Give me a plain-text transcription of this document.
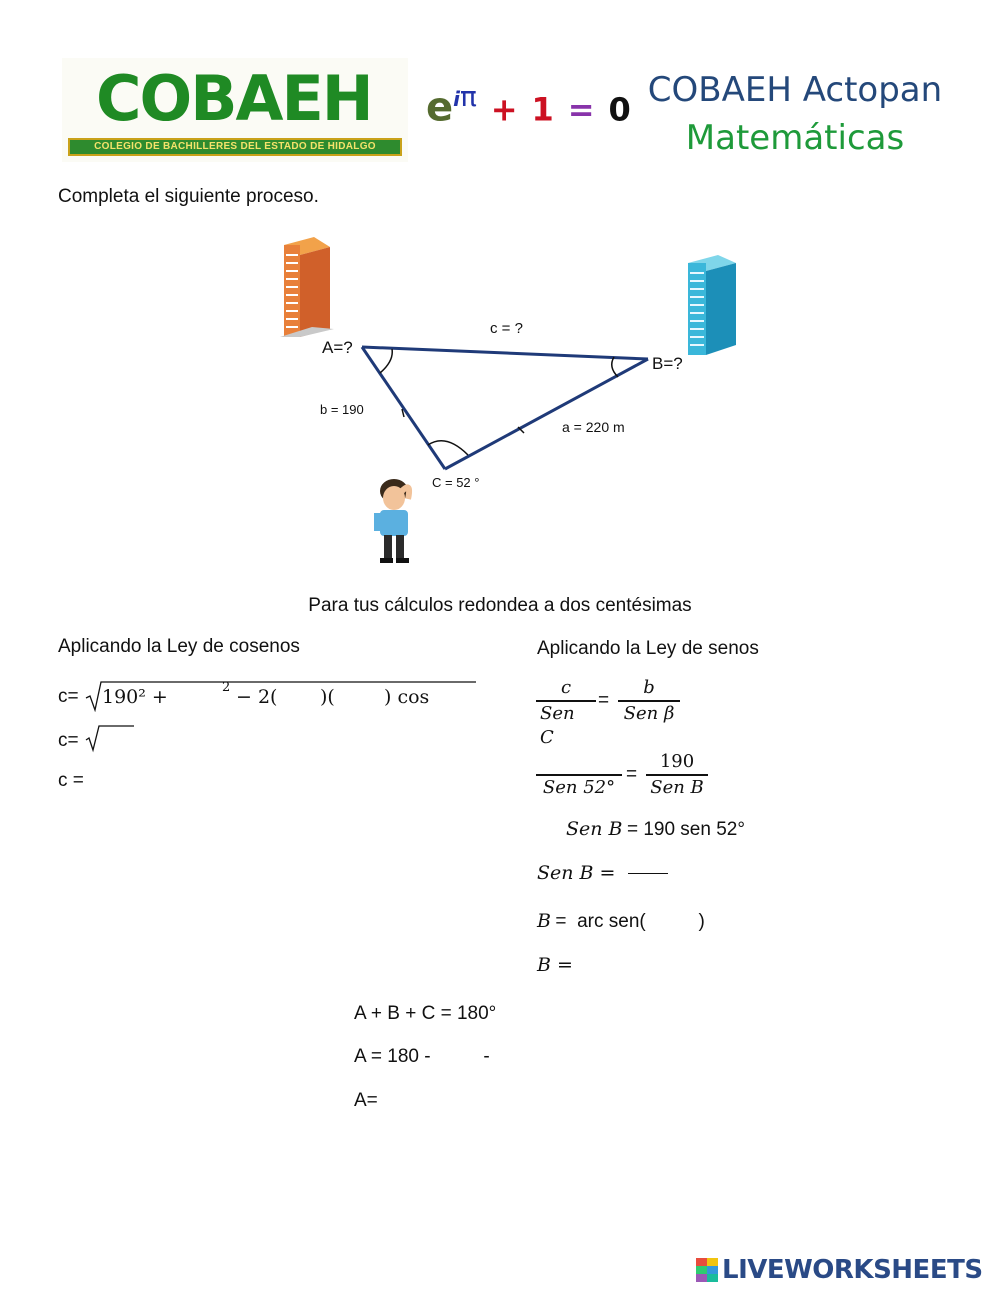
COBAEH
COLEGIO DE BACHILLERES DEL ESTADO DE HIDALGO
$e^{i\pi} + 1 = 0$ COBAEH Actopan
Matemáticas
Completa el siguiente proceso.
c = ?
A=?
B=?
b = 190
a = 220 m
C = 52 °
Para tus cálculos redondea a dos centésimas
Aplicando la Ley de cosenos
c= 190² +	2 − 2( )(	) cos
c=
c =
Aplicando la Ley de senos
c
Sen C
=
b
Sen β
Sen 52°
=
190
Sen B
Sen B = 190 sen 52°
Sen B =
B =  arc sen(          )
B =
A + B + C = 180°
A = 180 -          -
A=
LIVEWORKSHEETS
